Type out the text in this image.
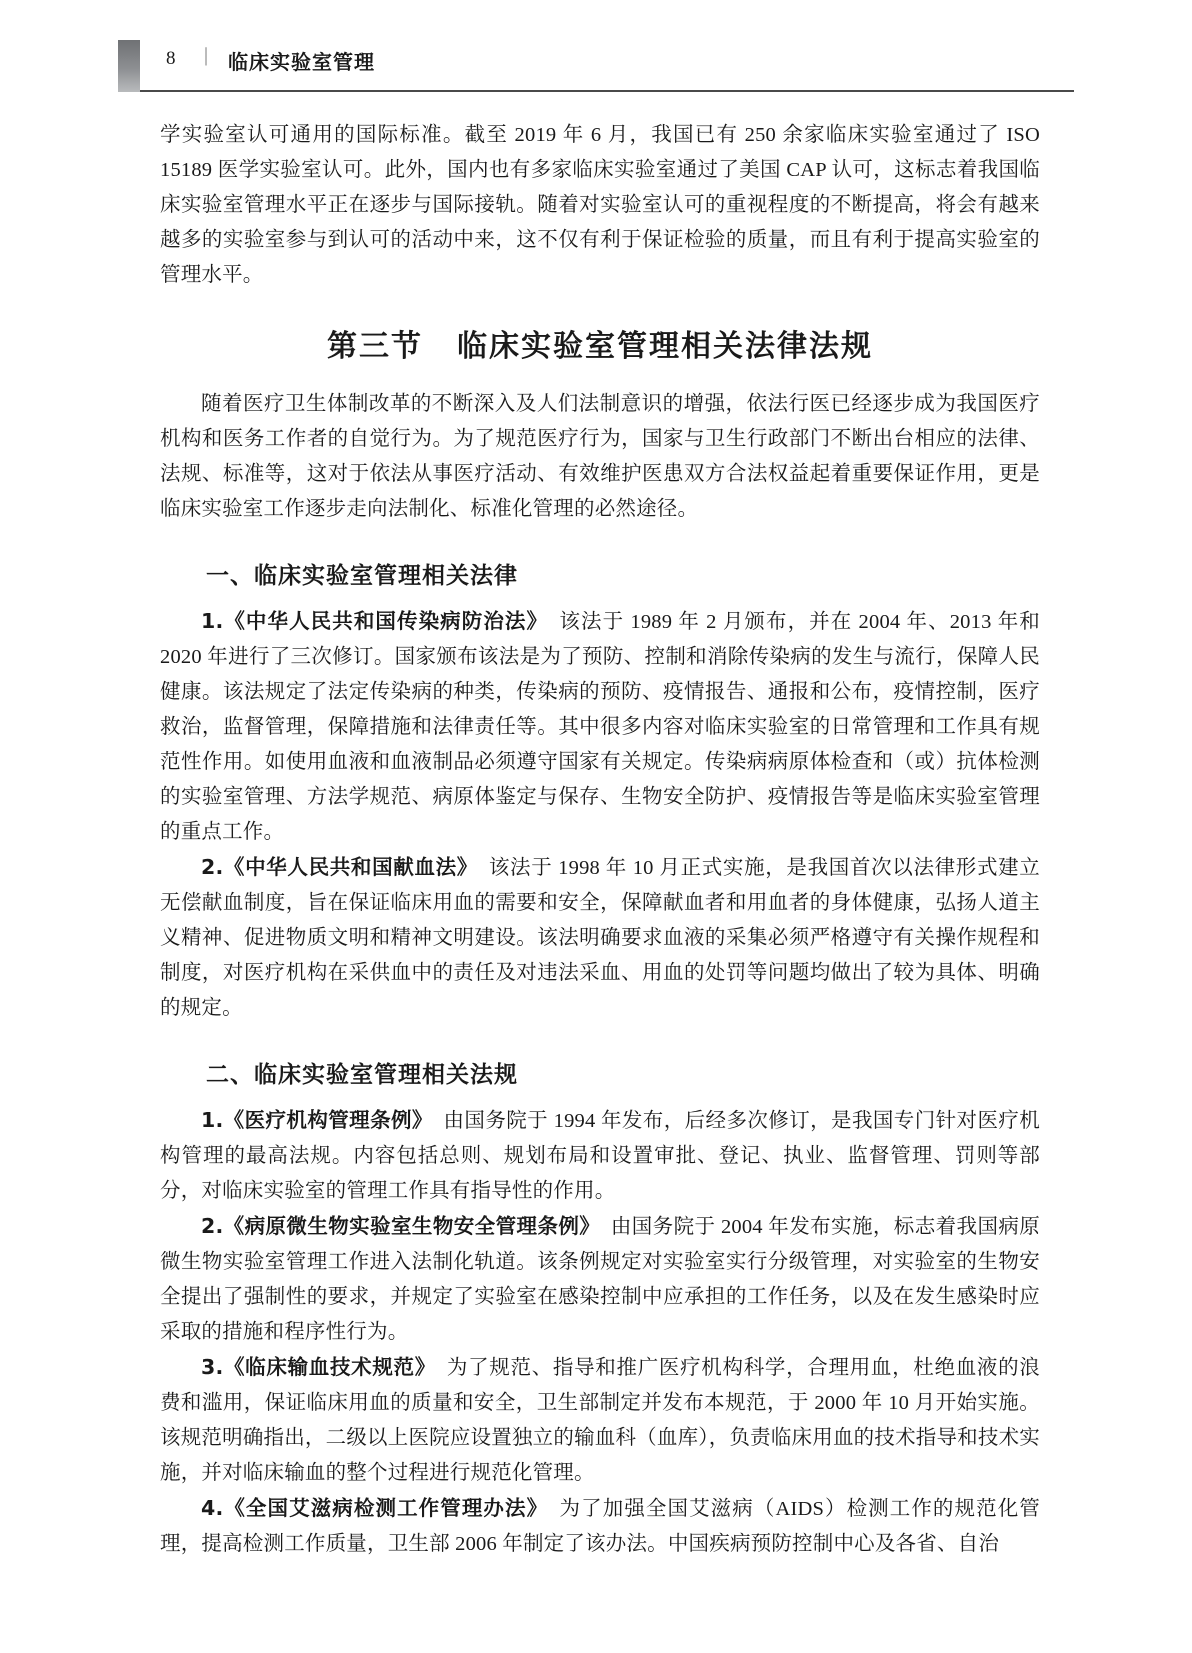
8 | 临床实验室管理

学实验室认可通用的国际标准。截至 2019 年 6 月，我国已有 250 余家临床实验室通过了 ISO 15189 医学实验室认可。此外，国内也有多家临床实验室通过了美国 CAP 认可，这标志着我国临床实验室管理水平正在逐步与国际接轨。随着对实验室认可的重视程度的不断提高，将会有越来越多的实验室参与到认可的活动中来，这不仅有利于保证检验的质量，而且有利于提高实验室的管理水平。

第三节 临床实验室管理相关法律法规

随着医疗卫生体制改革的不断深入及人们法制意识的增强，依法行医已经逐步成为我国医疗机构和医务工作者的自觉行为。为了规范医疗行为，国家与卫生行政部门不断出台相应的法律、法规、标准等，这对于依法从事医疗活动、有效维护医患双方合法权益起着重要保证作用，更是临床实验室工作逐步走向法制化、标准化管理的必然途径。

一、临床实验室管理相关法律

1.《中华人民共和国传染病防治法》　该法于 1989 年 2 月颁布，并在 2004 年、2013 年和 2020 年进行了三次修订。国家颁布该法是为了预防、控制和消除传染病的发生与流行，保障人民健康。该法规定了法定传染病的种类，传染病的预防、疫情报告、通报和公布，疫情控制，医疗救治，监督管理，保障措施和法律责任等。其中很多内容对临床实验室的日常管理和工作具有规范性作用。如使用血液和血液制品必须遵守国家有关规定。传染病病原体检查和（或）抗体检测的实验室管理、方法学规范、病原体鉴定与保存、生物安全防护、疫情报告等是临床实验室管理的重点工作。

2.《中华人民共和国献血法》　该法于 1998 年 10 月正式实施，是我国首次以法律形式建立无偿献血制度，旨在保证临床用血的需要和安全，保障献血者和用血者的身体健康，弘扬人道主义精神、促进物质文明和精神文明建设。该法明确要求血液的采集必须严格遵守有关操作规程和制度，对医疗机构在采供血中的责任及对违法采血、用血的处罚等问题均做出了较为具体、明确的规定。

二、临床实验室管理相关法规

1.《医疗机构管理条例》　由国务院于 1994 年发布，后经多次修订，是我国专门针对医疗机构管理的最高法规。内容包括总则、规划布局和设置审批、登记、执业、监督管理、罚则等部分，对临床实验室的管理工作具有指导性的作用。

2.《病原微生物实验室生物安全管理条例》　由国务院于 2004 年发布实施，标志着我国病原微生物实验室管理工作进入法制化轨道。该条例规定对实验室实行分级管理，对实验室的生物安全提出了强制性的要求，并规定了实验室在感染控制中应承担的工作任务，以及在发生感染时应采取的措施和程序性行为。

3.《临床输血技术规范》　为了规范、指导和推广医疗机构科学，合理用血，杜绝血液的浪费和滥用，保证临床用血的质量和安全，卫生部制定并发布本规范，于 2000 年 10 月开始实施。该规范明确指出，二级以上医院应设置独立的输血科（血库），负责临床用血的技术指导和技术实施，并对临床输血的整个过程进行规范化管理。

4.《全国艾滋病检测工作管理办法》　为了加强全国艾滋病（AIDS）检测工作的规范化管理，提高检测工作质量，卫生部 2006 年制定了该办法。中国疾病预防控制中心及各省、自治
